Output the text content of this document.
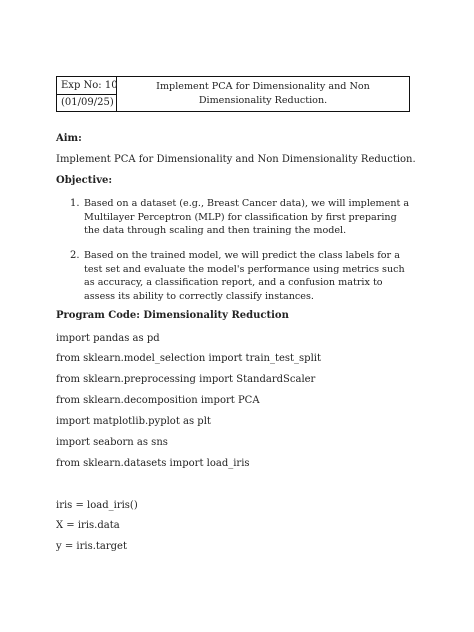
Exp No: 10
(01/09/25)
Implement PCA for Dimensionality and Non Dimensionality Reduction.
Aim:
Implement PCA for Dimensionality and Non Dimensionality Reduction.
Objective:
1. Based on a dataset (e.g., Breast Cancer data), we will implement a Multilayer Perceptron (MLP) for classification by first preparing the data through scaling and then training the model.
2. Based on the trained model, we will predict the class labels for a test set and evaluate the model's performance using metrics such as accuracy, a classification report, and a confusion matrix to assess its ability to correctly classify instances.
Program Code: Dimensionality Reduction
import pandas as pd
from sklearn.model_selection import train_test_split
from sklearn.preprocessing import StandardScaler
from sklearn.decomposition import PCA
import matplotlib.pyplot as plt
import seaborn as sns
from sklearn.datasets import load_iris
iris = load_iris()
X = iris.data
y = iris.target
